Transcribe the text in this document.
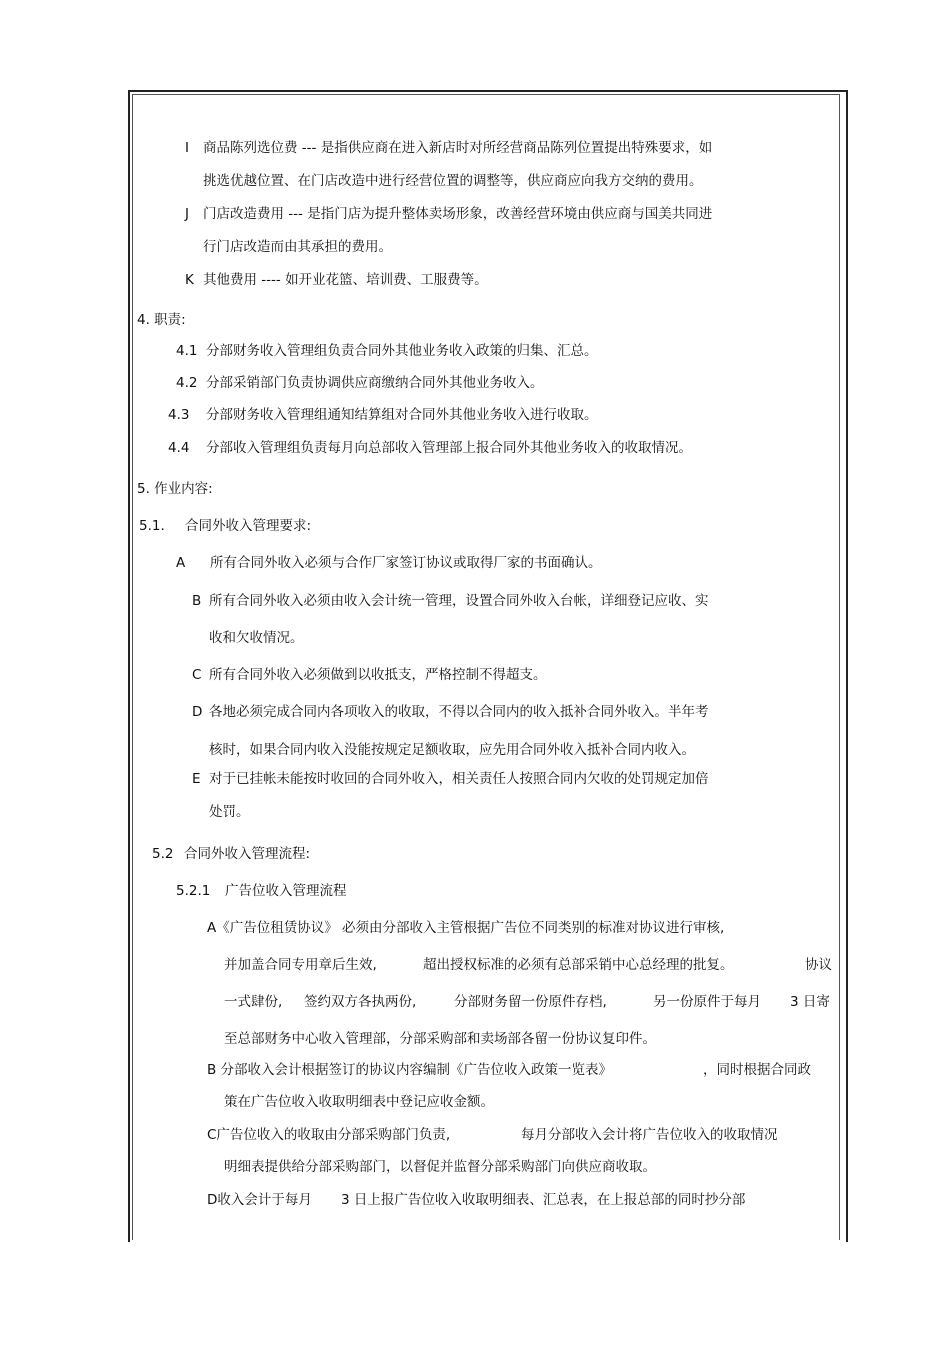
I 商品陈列选位费 --- 是指供应商在进入新店时对所经营商品陈列位置提出特殊要求，如
挑选优越位置、在门店改造中进行经营位置的调整等，供应商应向我方交纳的费用。
J 门店改造费用 --- 是指门店为提升整体卖场形象，改善经营环境由供应商与国美共同进
行门店改造而由其承担的费用。
K 其他费用 ---- 如开业花篮、培训费、工服费等。
4. 职责:
4.1 分部财务收入管理组负责合同外其他业务收入政策的归集、汇总。
4.2 分部采销部门负责协调供应商缴纳合同外其他业务收入。
4.3 分部财务收入管理组通知结算组对合同外其他业务收入进行收取。
4.4 分部收入管理组负责每月向总部收入管理部上报合同外其他业务收入的收取情况。
5. 作业内容:
5.1. 合同外收入管理要求:
A 所有合同外收入必须与合作厂家签订协议或取得厂家的书面确认。
B 所有合同外收入必须由收入会计统一管理，设置合同外收入台帐，详细登记应收、实
收和欠收情况。
C 所有合同外收入必须做到以收抵支，严格控制不得超支。
D 各地必须完成合同内各项收入的收取，不得以合同内的收入抵补合同外收入。半年考
核时，如果合同内收入没能按规定足额收取，应先用合同外收入抵补合同内收入。
E 对于已挂帐未能按时收回的合同外收入，相关责任人按照合同内欠收的处罚规定加倍
处罚。
5.2 合同外收入管理流程:
5.2.1 广告位收入管理流程
A《广告位租赁协议》 必须由分部收入主管根据广告位不同类别的标准对协议进行审核,
并加盖合同专用章后生效,	超出授权标准的必须有总部采销中心总经理的批复。	协议
一式肆份, 签约双方各执两份,	分部财务留一份原件存档,	另一份原件于每月 3 日寄
至总部财务中心收入管理部，分部采购部和卖场部各留一份协议复印件。
B 分部收入会计根据签订的协议内容编制《广告位收入政策一览表》	，同时根据合同政
策在广告位收入收取明细表中登记应收金额。
C广告位收入的收取由分部采购部门负责,	每月分部收入会计将广告位收入的收取情况
明细表提供给分部采购部门，以督促并监督分部采购部门向供应商收取。
D收入会计于每月 3 日上报广告位收入收取明细表、汇总表，在上报总部的同时抄分部
